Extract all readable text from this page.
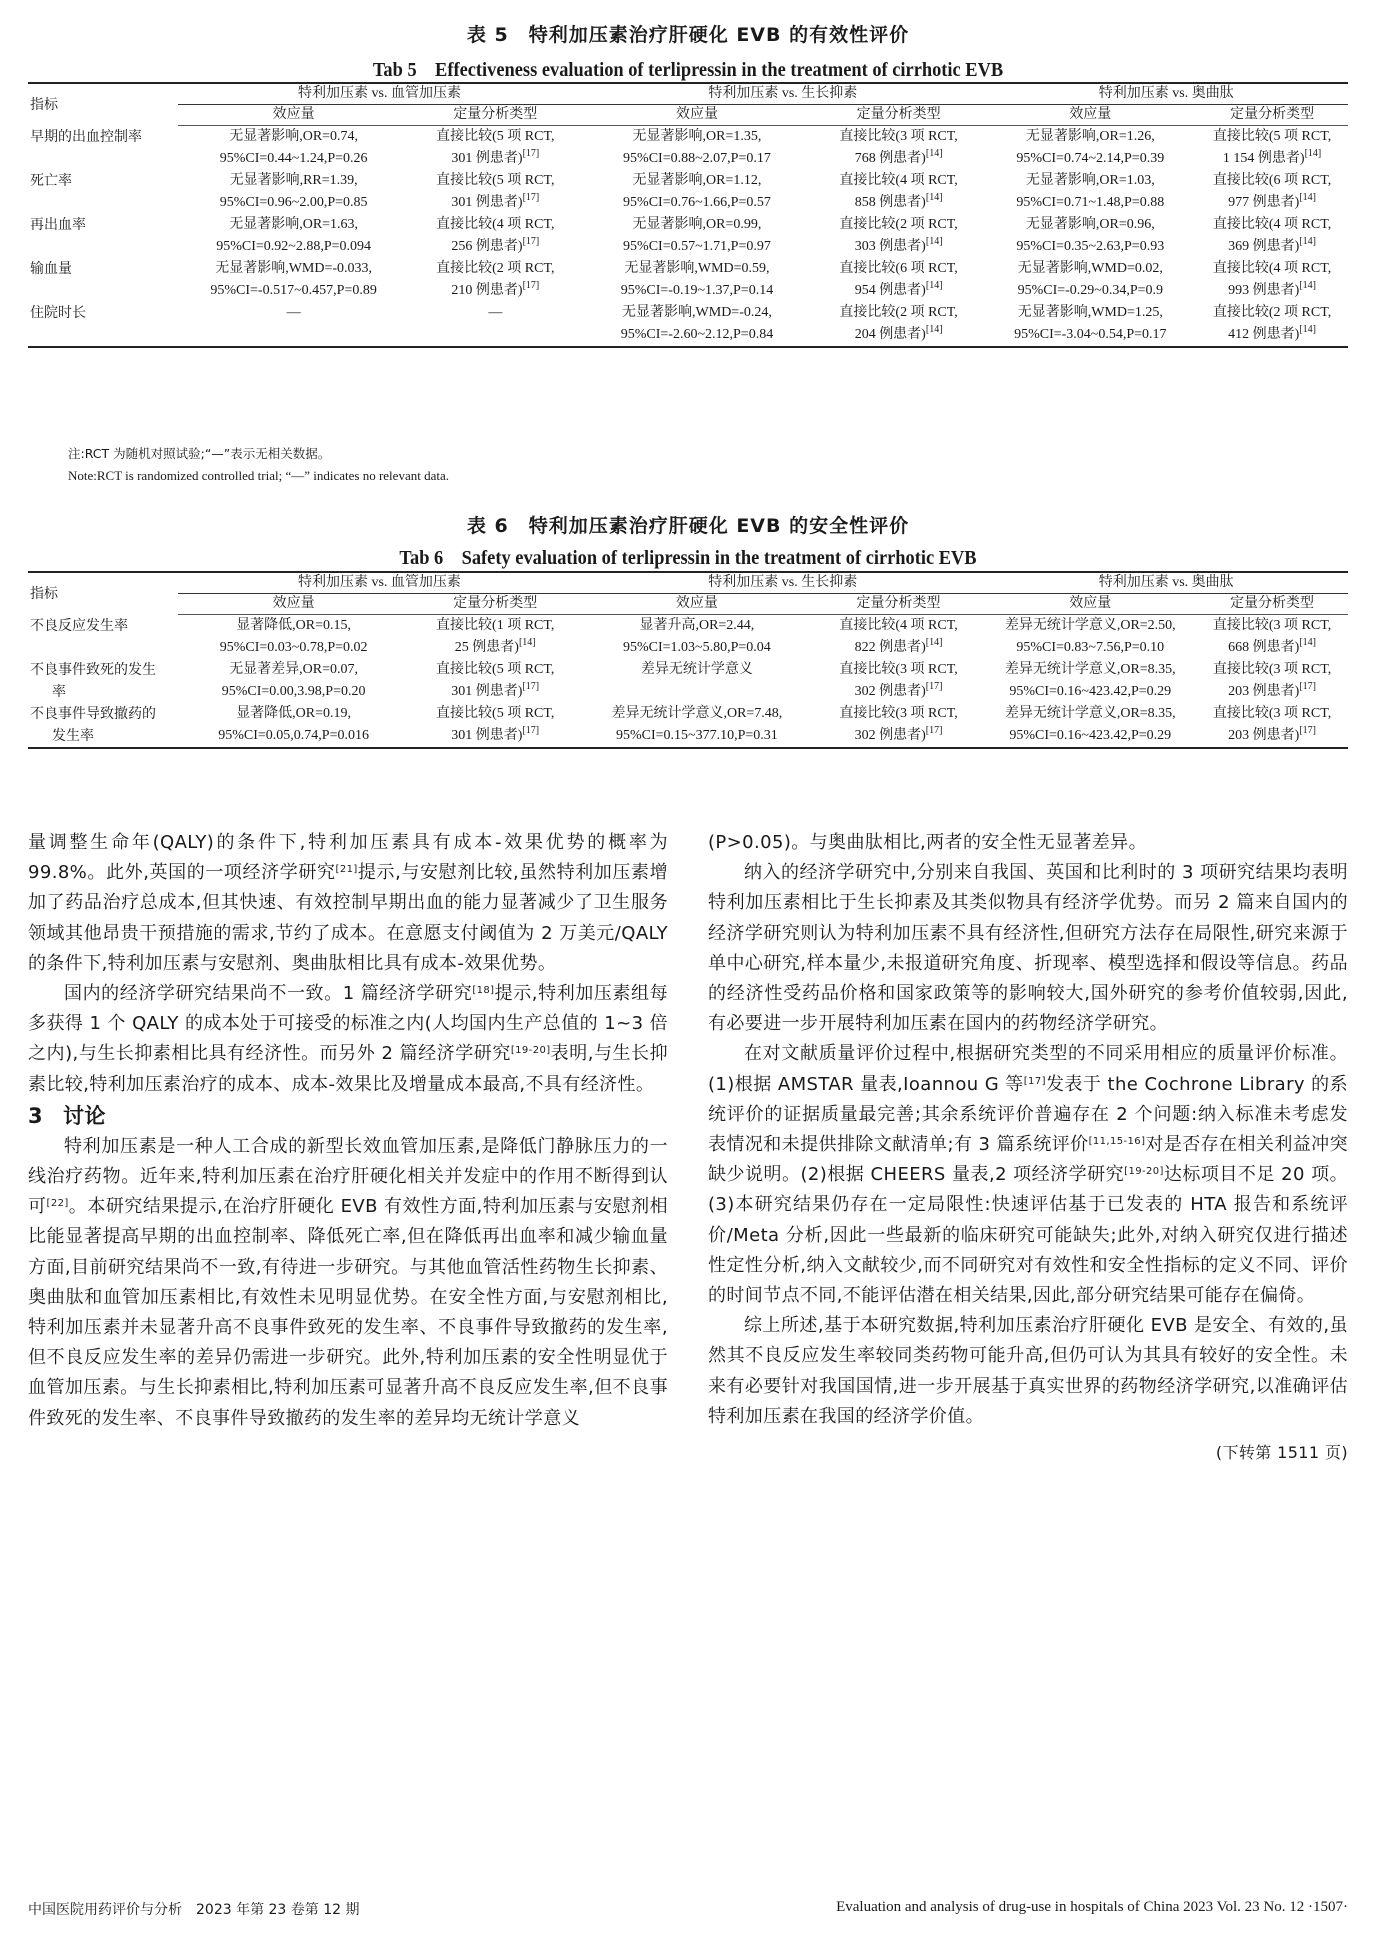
表 5　特利加压素治疗肝硬化 EVB 的有效性评价
Tab 5　Effectiveness evaluation of terlipressin in the treatment of cirrhotic EVB
指标	特利加压素 vs. 血管加压素		特利加压素 vs. 生长抑素		特利加压素 vs. 奥曲肽	
	效应量	定量分析类型	效应量	定量分析类型	效应量	定量分析类型

早期的出血控制率	无显著影响,OR=0.74,
95%CI=0.44~1.24,P=0.26	直接比较(5 项 RCT,
301 例患者)[17]	无显著影响,OR=1.35,
95%CI=0.88~2.07,P=0.17	直接比较(3 项 RCT,
768 例患者)[14]	无显著影响,OR=1.26,
95%CI=0.74~2.14,P=0.39	直接比较(5 项 RCT,
1 154 例患者)[14]

死亡率	无显著影响,RR=1.39,
95%CI=0.96~2.00,P=0.85	直接比较(5 项 RCT,
301 例患者)[17]	无显著影响,OR=1.12,
95%CI=0.76~1.66,P=0.57	直接比较(4 项 RCT,
858 例患者)[14]	无显著影响,OR=1.03,
95%CI=0.71~1.48,P=0.88	直接比较(6 项 RCT,
977 例患者)[14]

再出血率	无显著影响,OR=1.63,
95%CI=0.92~2.88,P=0.094	直接比较(4 项 RCT,
256 例患者)[17]	无显著影响,OR=0.99,
95%CI=0.57~1.71,P=0.97	直接比较(2 项 RCT,
303 例患者)[14]	无显著影响,OR=0.96,
95%CI=0.35~2.63,P=0.93	直接比较(4 项 RCT,
369 例患者)[14]

输血量	无显著影响,WMD=-0.033,
95%CI=-0.517~0.457,P=0.89	直接比较(2 项 RCT,
210 例患者)[17]	无显著影响,WMD=0.59,
95%CI=-0.19~1.37,P=0.14	直接比较(6 项 RCT,
954 例患者)[14]	无显著影响,WMD=0.02,
95%CI=-0.29~0.34,P=0.9	直接比较(4 项 RCT,
993 例患者)[14]

住院时长	—	—	无显著影响,WMD=-0.24,
95%CI=-2.60~2.12,P=0.84	直接比较(2 项 RCT,
204 例患者)[14]	无显著影响,WMD=1.25,
95%CI=-3.04~0.54,P=0.17	直接比较(2 项 RCT,
412 例患者)[14]
注:RCT 为随机对照试验;“—”表示无相关数据。
Note:RCT is randomized controlled trial; “—” indicates no relevant data.
表 6　特利加压素治疗肝硬化 EVB 的安全性评价
Tab 6　Safety evaluation of terlipressin in the treatment of cirrhotic EVB
指标	特利加压素 vs. 血管加压素		特利加压素 vs. 生长抑素		特利加压素 vs. 奥曲肽	
	效应量	定量分析类型	效应量	定量分析类型	效应量	定量分析类型

不良反应发生率	显著降低,OR=0.15,
95%CI=0.03~0.78,P=0.02	直接比较(1 项 RCT,
25 例患者)[14]	显著升高,OR=2.44,
95%CI=1.03~5.80,P=0.04	直接比较(4 项 RCT,
822 例患者)[14]	差异无统计学意义,OR=2.50,
95%CI=0.83~7.56,P=0.10	直接比较(3 项 RCT,
668 例患者)[14]

不良事件致死的发生
率	无显著差异,OR=0.07,
95%CI=0.00,3.98,P=0.20	直接比较(5 项 RCT,
301 例患者)[17]	差异无统计学意义	直接比较(3 项 RCT,
302 例患者)[17]	差异无统计学意义,OR=8.35,
95%CI=0.16~423.42,P=0.29	直接比较(3 项 RCT,
203 例患者)[17]

不良事件导致撤药的
发生率	显著降低,OR=0.19,
95%CI=0.05,0.74,P=0.016	直接比较(5 项 RCT,
301 例患者)[17]	差异无统计学意义,OR=7.48,
95%CI=0.15~377.10,P=0.31	直接比较(3 项 RCT,
302 例患者)[17]	差异无统计学意义,OR=8.35,
95%CI=0.16~423.42,P=0.29	直接比较(3 项 RCT,
203 例患者)[17]

量调整生命年(QALY)的条件下,特利加压素具有成本-效果优势的概率为 99.8%。此外,英国的一项经济学研究[21]提示,与安慰剂比较,虽然特利加压素增加了药品治疗总成本,但其快速、有效控制早期出血的能力显著减少了卫生服务领域其他昂贵干预措施的需求,节约了成本。在意愿支付阈值为 2 万美元/QALY 的条件下,特利加压素与安慰剂、奥曲肽相比具有成本-效果优势。

国内的经济学研究结果尚不一致。1 篇经济学研究[18]提示,特利加压素组每多获得 1 个 QALY 的成本处于可接受的标准之内(人均国内生产总值的 1~3 倍之内),与生长抑素相比具有经济性。而另外 2 篇经济学研究[19-20]表明,与生长抑素比较,特利加压素治疗的成本、成本-效果比及增量成本最高,不具有经济性。

3 讨论

特利加压素是一种人工合成的新型长效血管加压素,是降低门静脉压力的一线治疗药物。近年来,特利加压素在治疗肝硬化相关并发症中的作用不断得到认可[22]。本研究结果提示,在治疗肝硬化 EVB 有效性方面,特利加压素与安慰剂相比能显著提高早期的出血控制率、降低死亡率,但在降低再出血率和减少输血量方面,目前研究结果尚不一致,有待进一步研究。与其他血管活性药物生长抑素、奥曲肽和血管加压素相比,有效性未见明显优势。在安全性方面,与安慰剂相比,特利加压素并未显著升高不良事件致死的发生率、不良事件导致撤药的发生率,但不良反应发生率的差异仍需进一步研究。此外,特利加压素的安全性明显优于血管加压素。与生长抑素相比,特利加压素可显著升高不良反应发生率,但不良事件致死的发生率、不良事件导致撤药的发生率的差异均无统计学意义

(P>0.05)。与奥曲肽相比,两者的安全性无显著差异。

纳入的经济学研究中,分别来自我国、英国和比利时的 3 项研究结果均表明特利加压素相比于生长抑素及其类似物具有经济学优势。而另 2 篇来自国内的经济学研究则认为特利加压素不具有经济性,但研究方法存在局限性,研究来源于单中心研究,样本量少,未报道研究角度、折现率、模型选择和假设等信息。药品的经济性受药品价格和国家政策等的影响较大,国外研究的参考价值较弱,因此,有必要进一步开展特利加压素在国内的药物经济学研究。

在对文献质量评价过程中,根据研究类型的不同采用相应的质量评价标准。(1)根据 AMSTAR 量表,Ioannou G 等[17]发表于 the Cochrone Library 的系统评价的证据质量最完善;其余系统评价普遍存在 2 个问题:纳入标准未考虑发表情况和未提供排除文献清单;有 3 篇系统评价[11,15-16]对是否存在相关利益冲突缺少说明。(2)根据 CHEERS 量表,2 项经济学研究[19-20]达标项目不足 20 项。(3)本研究结果仍存在一定局限性:快速评估基于已发表的 HTA 报告和系统评价/Meta 分析,因此一些最新的临床研究可能缺失;此外,对纳入研究仅进行描述性定性分析,纳入文献较少,而不同研究对有效性和安全性指标的定义不同、评价的时间节点不同,不能评估潜在相关结果,因此,部分研究结果可能存在偏倚。

综上所述,基于本研究数据,特利加压素治疗肝硬化 EVB 是安全、有效的,虽然其不良反应发生率较同类药物可能升高,但仍可认为其具有较好的安全性。未来有必要针对我国国情,进一步开展基于真实世界的药物经济学研究,以准确评估特利加压素在我国的经济学价值。

(下转第 1511 页)
中国医院用药评价与分析　2023 年第 23 卷第 12 期	Evaluation and analysis of drug-use in hospitals of China 2023 Vol. 23 No. 12 ·1507·
